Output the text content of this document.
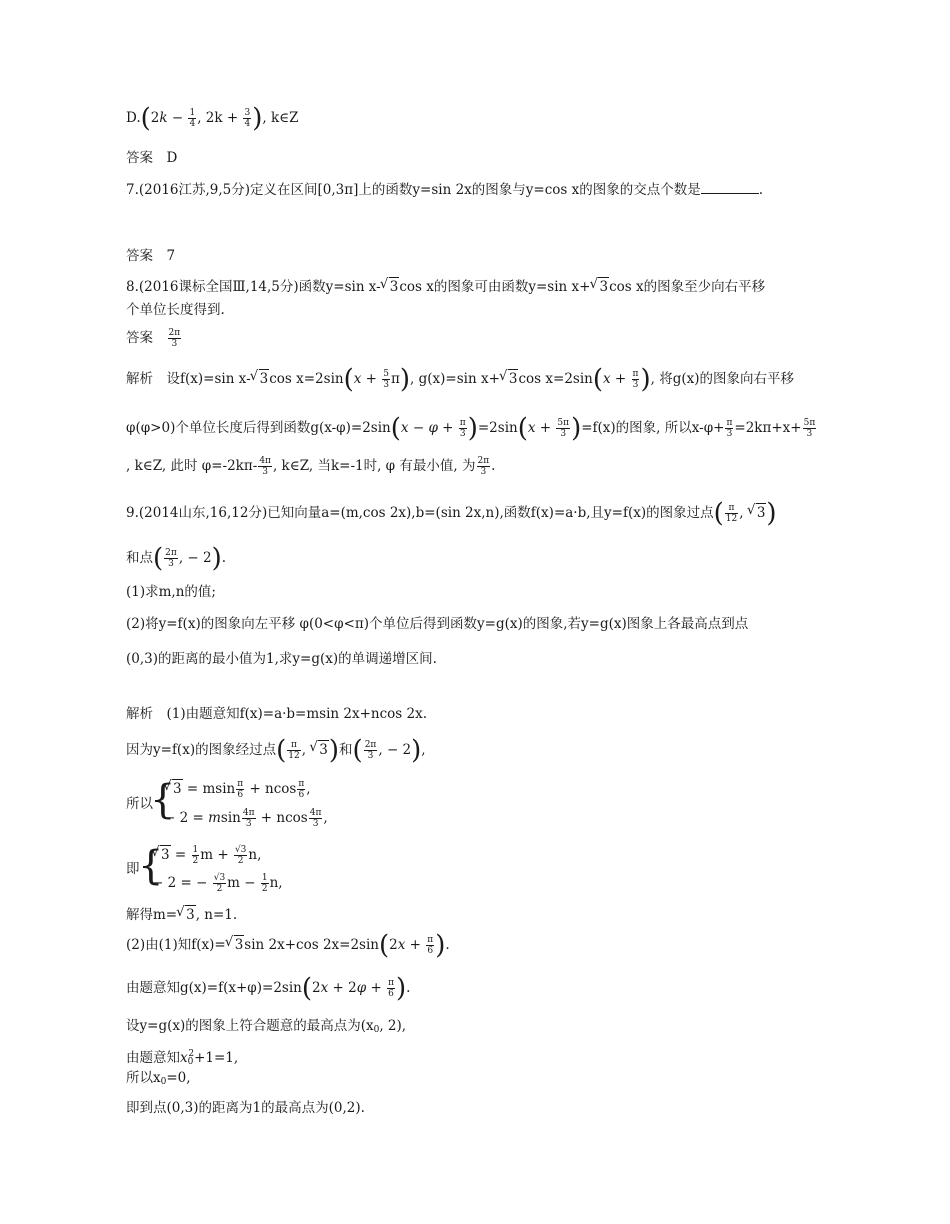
$D.(2k - \frac{1}{4}$ , $2k + \frac{3}{4}$ ), k∈Z
答案　D
7.(2016江苏,9,5分)定义在区间[0,3π]上的函数y=sin 2x的图象与y=cos x的图象的交点个数是	.
答案　7
8.(2016课标全国Ⅲ,14,5分)函数y=sin x- √ 3cos x的图象可由函数y=sin x+ √ 3cos x的图象至少向右平移
个单位长度得到.
答案　 $\frac{2\pi}{3}$
解析　设f(x)=sin x- √ 3cos $x=2\sin(x + \frac{5}{3} \pi)$, g(x)=sin x+ √ 3cos $x=2\sin(x + \frac{\pi}{3}$ ), 将g(x)的图象向右平移
φ(φ>0)个单位长度后得到函数$g(x-\varphi)=2\sin(x - \varphi + \frac{\pi}{3} )=2\sin(x + \frac{5\pi}{3} )=f(x)$的图象, 所以$x-\varphi+ \frac{\pi}{3} =2k\pi+x+ \frac{5\pi}{3}$
, k∈Z, 此时 $\varphi=-2k\pi- \frac{4\pi}{3}$ , k∈Z, 当k=-1时, φ 有最小值, 为 $\frac{2\pi}{3}$ .
9.(2014山东,16,12分)已知向量a=(m,cos 2x),b=(sin 2x,n),函数f(x)=a·b,且y=f(x)的图象过点( $\frac{\pi}{12}$ , √ 3)
和点( $\frac{2\pi}{3}$ , − 2).
(1)求m,n的值;
(2)将y=f(x)的图象向左平移 φ(0<φ<π)个单位后得到函数y=g(x)的图象,若y=g(x)图象上各最高点到点
(0,3)的距离的最小值为1,求y=g(x)的单调递增区间.
解析　(1)由题意知f(x)=a·b=msin 2x+ncos 2x.
因为y=f(x)的图象经过点( $\frac{\pi}{12}$ , √ 3)和( $\frac{2\pi}{3}$ , − 2),
所以
{
√ 3 = msin $\frac{\pi}{6} + ncos \frac{\pi}{6}$ ,
− 2 = msin $\frac{4\pi}{3} + ncos \frac{4\pi}{3}$ ,
即
{
√ $3 = \frac{1}{2}$ $m + \frac{√3}{2} n$,
− 2 = − $\frac{√3}{2}$ $m - \frac{1}{2} n$,
解得m= √ 3, n=1.
(2)由(1)知f(x)= √ 3sin 2x+cos $2x=2\sin(2x + \frac{\pi}{6}$ ).
由题意知$g(x)=f(x+\varphi)=2\sin(2x + 2\varphi + \frac{\pi}{6}$ ).
设y=g(x)的图象上符合题意的最高点为($x_0$, 2),
由题意知$x_0^2+1=1$,
所以$x_0=0$,
即到点(0,3)的距离为1的最高点为(0,2).
